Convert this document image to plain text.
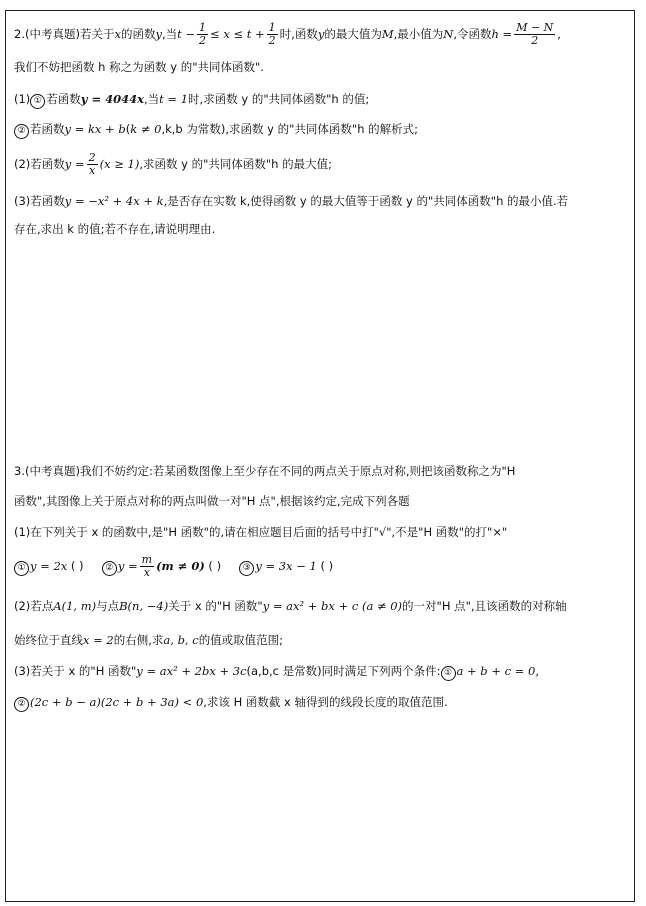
2.(中考真题)若关于x的函数y,当$t - \frac{1}{2} \le x \le t + \frac{1}{2}$ 时,函数y的最大值为M,最小值为N,令函数$h = \frac{M - N}{2}$ ,
我们不妨把函数 h 称之为函数 y 的"共同体函数".
(1) ① 若函数y = 4044x,当t = 1时,求函数 y 的"共同体函数"h 的值;
② 若函数y = kx + b(k ≠ 0,k,b 为常数),求函数 y 的"共同体函数"h 的解析式;
(2)若函数$y = \frac{2}{x} (x \ge 1)$,求函数 y 的"共同体函数"h 的最大值;
(3)若函数y = −x² + 4x + k,是否存在实数 k,使得函数 y 的最大值等于函数 y 的"共同体函数"h 的最小值.若
存在,求出 k 的值;若不存在,请说明理由.
3.(中考真题)我们不妨约定:若某函数图像上至少存在不同的两点关于原点对称,则把该函数称之为"H
函数",其图像上关于原点对称的两点叫做一对"H 点",根据该约定,完成下列各题
(1)在下列关于 x 的函数中,是"H 函数"的,请在相应题目后面的括号中打"√",不是"H 函数"的打"×"
① y = 2x ( ) ② $y = \frac{m}{x} (m \ne 0)$ ( ) ③ y = 3x − 1 ( )
(2)若点A(1, m)与点B(n, −4)关于 x 的"H 函数"y = ax² + bx + c (a ≠ 0)的一对"H 点",且该函数的对称轴
始终位于直线x = 2的右侧,求a, b, c的值或取值范围;
(3)若关于 x 的"H 函数"y = ax² + 2bx + 3c(a,b,c 是常数)同时满足下列两个条件: ① a + b + c = 0,
② (2c + b − a)(2c + b + 3a) < 0,求该 H 函数截 x 轴得到的线段长度的取值范围.
